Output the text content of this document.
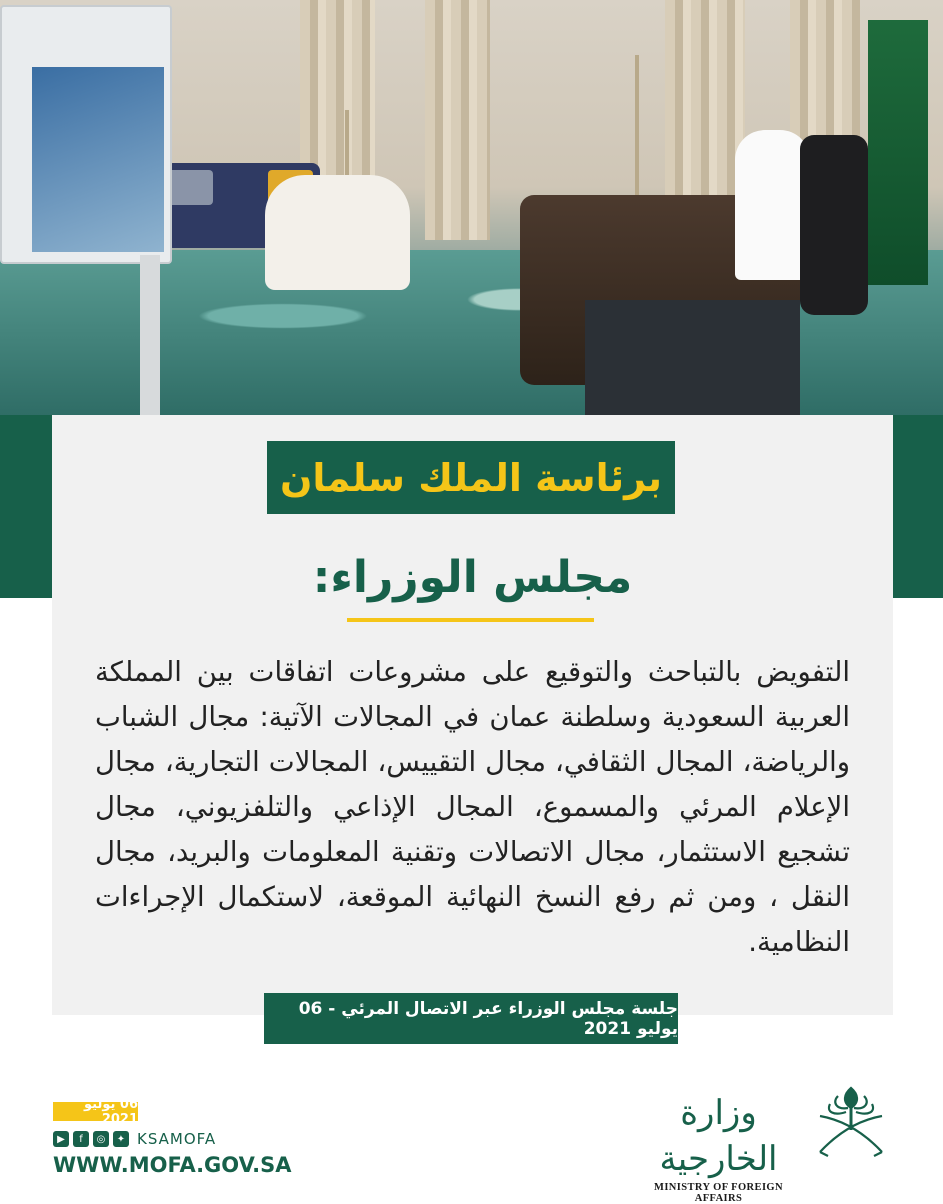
برئاسة الملك سلمان
مجلس الوزراء:
التفويض بالتباحث والتوقيع على مشروعات اتفاقات بين المملكة العربية السعودية وسلطنة عمان في المجالات الآتية: مجال الشباب والرياضة، المجال الثقافي، مجال التقييس، المجالات التجارية، مجال الإعلام المرئي والمسموع، المجال الإذاعي والتلفزيوني، مجال تشجيع الاستثمار، مجال الاتصالات وتقنية المعلومات والبريد، مجال النقل ، ومن ثم رفع النسخ النهائية الموقعة، لاستكمال الإجراءات النظامية.
جلسة مجلس الوزراء عبر الاتصال المرئي - 06 يوليو 2021
06 يوليو 2021
▶	f	◎	✦ KSAMOFA
WWW.MOFA.GOV.SA
وزارة الخارجية
MINISTRY OF FOREIGN AFFAIRS
